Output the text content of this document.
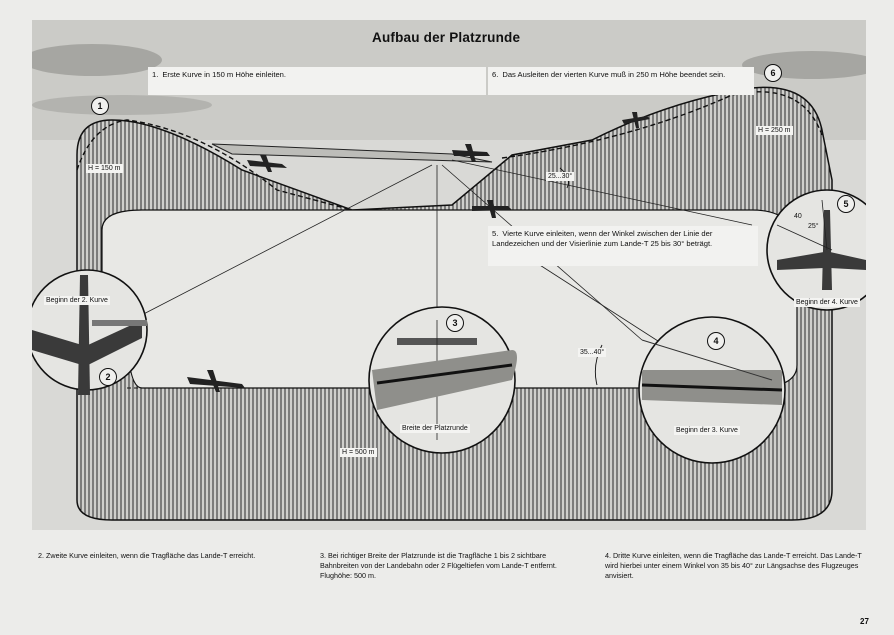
Aufbau der Platzrunde
1. Erste Kurve in 150 m Höhe einleiten.	6. Das Ausleiten der vierten Kurve muß in 250 m Höhe beendet sein.
5. Vierte Kurve einleiten, wenn der Winkel zwischen der Linie der Landezeichen und der Visierlinie zum Lande-T 25 bis 30° beträgt.
H = 150 m
H = 250 m
H = 500 m
25...30°
35...40°
40
25°
Beginn der 2. Kurve
Breite der Platzrunde	Beginn der 3. Kurve
Beginn der 4. Kurve
1
2
3
4
5
6
2. Zweite Kurve einleiten, wenn die Tragfläche das Lande-T erreicht.	3. Bei richtiger Breite der Platzrunde ist die Tragfläche 1 bis 2 sichtbare Bahnbreiten von der Landebahn oder 2 Flügeltiefen vom Lande-T entfernt. Flughöhe: 500 m.
4. Dritte Kurve einleiten, wenn die Tragfläche das Lande-T erreicht. Das Lande-T wird hierbei unter einem Winkel von 35 bis 40° zur Längsachse des Flugzeuges anvisiert.
27
